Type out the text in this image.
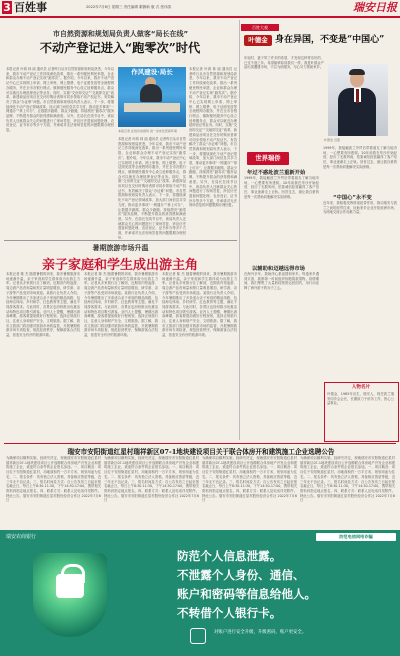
3 百姓事	2022年7月6日 星期三 责任编辑 繁静新 版 式 张伟泰	瑞安日报
市自然资源和规划局负责人做客“局长在线”
不动产登记进入“跑零次”时代
本报记者 叶鸿 林 丽 通讯员 记者昨日从市自然资源和规划局获悉，今年以来，我市不动产登记工作持续深化改革，推出一系列便民利民举措，企业和群众办理不动产登记实现“跑零次”。据介绍，今年以来，我市不动产登记中心已实现网上申请、网上审核、网上缴费、电子证照发放等全流程网办服务，并在全市各银行网点、镇街便民服务中心设立延伸服务点，群众可以就近办理抵押登记等业务。同时，实施“交房即交证”“交地即交证”改革，新建商品房项目在交付时购房者即可同步领取不动产权证书，有效解决了群众“办证难”问题。市自然资源和规划局负责人表示，下一步，将继续深化不动产登记领域改革，加大部门间信息共享力度，推动更多事项“一网通办”“掌上可办”，让数据多跑路、群众少跑腿，持续擦亮“跑零次”服务品牌，不断提升群众的获得感和满意度。另外，在局长在线节目中，该局负责人还就群众关心的问题进行了现场答复，涉及历史遗留问题处理、农房登记、证书补办等多个方面，并承诺对无法现场答复的问题限期办理回复。
本报记者 叶鸿 林 丽 通讯员 记者昨日从市自然资源和规划局获悉，今年以来，我市不动产登记工作持续深化改革，推出一系列便民利民举措，企业和群众办理不动产登记实现“跑零次”。据介绍，今年以来，我市不动产登记中心已实现网上申请、网上审核、网上缴费、电子证照发放等全流程网办服务，并在全市各银行网点、镇街便民服务中心设立延伸服务点，群众可以就近办理抵押登记等业务。同时，实施“交房即交证”“交地即交证”改革，新建商品房项目在交付时购房者即可同步领取不动产权证书，有效解决了群众“办证难”问题。市自然资源和规划局负责人表示，下一步，将继续深化不动产登记领域改革，加大部门间信息共享力度，推动更多事项“一网通办”“掌上可办”，让数据多跑路、群众少跑腿，持续擦亮“跑零次”服务品牌，不断提升群众的获得感和满意度。另外，在局长在线节目中，该局负责人还就群众关心的问题进行了现场答复，涉及历史遗留问题处理、农房登记、证书补办等多个方面，并承诺对无法现场答复的问题限期办理回复。
本报记者 叶鸿 林 丽 通讯员 记者昨日从市自然资源和规划局获悉，今年以来，我市不动产登记工作持续深化改革，推出一系列便民利民举措，企业和群众办理不动产登记实现“跑零次”。据介绍，今年以来，我市不动产登记中心已实现网上申请、网上审核、网上缴费、电子证照发放等全流程网办服务，并在全市各银行网点、镇街便民服务中心设立延伸服务点，群众可以就近办理抵押登记等业务。同时，实施“交房即交证”“交地即交证”改革，新建商品房项目在交付时购房者即可同步领取不动产权证书，有效解决了群众“办证难”问题。市自然资源和规划局负责人表示，下一步，将继续深化不动产登记领域改革，加大部门间信息共享力度，推动更多事项“一网通办”“掌上可办”，让数据多跑路、群众少跑腿，持续擦亮“跑零次”服务品牌，不断提升群众的获得感和满意度。另外，在局长在线节目中，该局负责人还就群众关心的问题进行了现场答复，涉及历史遗留问题处理、农房登记、证书补办等多个方面，并承诺对无法现场答复的问题限期办理回复。
作风建设·局长
本报记者 在线访谈现场 进一步优化营商环境
暑期旅游市场升温
亲子家庭和学生成出游主角
本报记者 陈 杰 随着暑假的到来，我市暑期旅游市场逐渐升温，亲子家庭和学生群体成为出游主力军。记者从多家旅行社了解到，近期省内短途游、周边游产品咨询量和预订量明显增加，研学游、亲子游等产品受到市场欢迎。某旅行社负责人介绍，今年暑期推出了多条适合亲子家庭的精品线路，包括海岛休闲、乡村研学、红色教育等主题，满足不同游客需求。与此同时，各景区也纷纷推出优惠活动和特色项目吸引游客。业内人士提醒，暑期出游高峰期，游客要提前做好行程规划，选择正规旅行社，注意人身和财产安全，文明旅游。据了解，我市文旅部门将加强对旅游市场的监管，开展暑期旅游市场专项检查，规范经营秩序，保障游客合法权益，营造安全有序的旅游环境。
本报记者 陈 杰 随着暑假的到来，我市暑期旅游市场逐渐升温，亲子家庭和学生群体成为出游主力军。记者从多家旅行社了解到，近期省内短途游、周边游产品咨询量和预订量明显增加，研学游、亲子游等产品受到市场欢迎。某旅行社负责人介绍，今年暑期推出了多条适合亲子家庭的精品线路，包括海岛休闲、乡村研学、红色教育等主题，满足不同游客需求。与此同时，各景区也纷纷推出优惠活动和特色项目吸引游客。业内人士提醒，暑期出游高峰期，游客要提前做好行程规划，选择正规旅行社，注意人身和财产安全，文明旅游。据了解，我市文旅部门将加强对旅游市场的监管，开展暑期旅游市场专项检查，规范经营秩序，保障游客合法权益，营造安全有序的旅游环境。
本报记者 陈 杰 随着暑假的到来，我市暑期旅游市场逐渐升温，亲子家庭和学生群体成为出游主力军。记者从多家旅行社了解到，近期省内短途游、周边游产品咨询量和预订量明显增加，研学游、亲子游等产品受到市场欢迎。某旅行社负责人介绍，今年暑期推出了多条适合亲子家庭的精品线路，包括海岛休闲、乡村研学、红色教育等主题，满足不同游客需求。与此同时，各景区也纷纷推出优惠活动和特色项目吸引游客。业内人士提醒，暑期出游高峰期，游客要提前做好行程规划，选择正规旅行社，注意人身和财产安全，文明旅游。据了解，我市文旅部门将加强对旅游市场的监管，开展暑期旅游市场专项检查，规范经营秩序，保障游客合法权益，营造安全有序的旅游环境。
百姓大观
叶德金 身在异国，不变是“中国心”
年轻时，妻子带了许多的希望，才发现这种寄乐好的，已过不惑之年。希望能够如同我们一样，我是叶德金产品出国遭遇市场，不忘为侨服务，尽心尽力帮助家乡。
叶德金 近照
世界瑞侨
年过不惑赴波兰重新开始
1999年，我接触波兰外贸后带着朋友了解当地市场，一心想要有所建树。20年前我在华沙开始经营，经历了无数风雨，依靠诚信经营赢得了客户信任，事业逐渐走上正轨。回首过去，最让我自豪的是每一次帮助同胞解决实际困难。
以辅助和迈越远得市场
在海外多年，我始终心系祖国和家乡。每逢家乡遇到灾害，我都第一时间组织侨胞捐款捐物。疫情期间，我们筹集了大量防疫物资运回国内，用行动诠释了海外游子的赤子之心。
1999年，我接触波兰外贸后带着朋友了解当地市场，一心想要有所建树。20年前我在华沙开始经营，经历了无数风雨，依靠诚信经营赢得了客户信任，事业逐渐走上正轨。回首过去，最让我自豪的是每一次帮助同胞解决实际困难。
“中国心”永不变
近年来，我积极发挥桥梁纽带作用，推动瑞安与波兰之间的经贸往来，协助家乡企业开拓欧洲市场，为两地交流合作贡献力量。
人物名片
叶德金，1965年出生，瑞安人，现任波兰瑞安同乡会会长，长期致力于侨务工作，热心公益事业。
瑞安市安阳街道红星村瑞祥新区07-1地块建设项目关于联合体房开和建筑施工企业选聘公告
为确保项目顺利实施，经研究决定，现就瑞安市安阳街道红星村瑞祥新区07-1地块建设项目公开选聘联合体房地产开发企业和建筑施工企业，欢迎符合条件的企业报名参加。一、项目概况：项目位于安阳街道红星村，用地面积约一万平方米，规划用途为住宅。二、报名条件：具有独立法人资格，具备相应资质等级，近三年无不良记录。三、报名时间及方式：自公告发布之日起至报名截止日，每日上午8:30-11:30，下午14:30-17:00，携带相关资料到指定地点报名。四、联系方式：联系人及电话详见附件。特此公告。瑞安市安阳街道红星村股份经济合作社 2022年7月6日
为确保项目顺利实施，经研究决定，现就瑞安市安阳街道红星村瑞祥新区07-1地块建设项目公开选聘联合体房地产开发企业和建筑施工企业，欢迎符合条件的企业报名参加。一、项目概况：项目位于安阳街道红星村，用地面积约一万平方米，规划用途为住宅。二、报名条件：具有独立法人资格，具备相应资质等级，近三年无不良记录。三、报名时间及方式：自公告发布之日起至报名截止日，每日上午8:30-11:30，下午14:30-17:00，携带相关资料到指定地点报名。四、联系方式：联系人及电话详见附件。特此公告。瑞安市安阳街道红星村股份经济合作社 2022年7月6日
为确保项目顺利实施，经研究决定，现就瑞安市安阳街道红星村瑞祥新区07-1地块建设项目公开选聘联合体房地产开发企业和建筑施工企业，欢迎符合条件的企业报名参加。一、项目概况：项目位于安阳街道红星村，用地面积约一万平方米，规划用途为住宅。二、报名条件：具有独立法人资格，具备相应资质等级，近三年无不良记录。三、报名时间及方式：自公告发布之日起至报名截止日，每日上午8:30-11:30，下午14:30-17:00，携带相关资料到指定地点报名。四、联系方式：联系人及电话详见附件。特此公告。瑞安市安阳街道红星村股份经济合作社 2022年7月6日
为确保项目顺利实施，经研究决定，现就瑞安市安阳街道红星村瑞祥新区07-1地块建设项目公开选聘联合体房地产开发企业和建筑施工企业，欢迎符合条件的企业报名参加。一、项目概况：项目位于安阳街道红星村，用地面积约一万平方米，规划用途为住宅。二、报名条件：具有独立法人资格，具备相应资质等级，近三年无不良记录。三、报名时间及方式：自公告发布之日起至报名截止日，每日上午8:30-11:30，下午14:30-17:00，携带相关资料到指定地点报名。四、联系方式：联系人及电话详见附件。特此公告。瑞安市安阳街道红星村股份经济合作社 2022年7月6日
瑞安农商银行	防范电信网络诈骗
防范个人信息泄露。
不泄露个人身份、通信、
账户和密码等信息给他人。
不转借个人银行卡。
对账户进行安全升级，升级密码，账户更安全。
